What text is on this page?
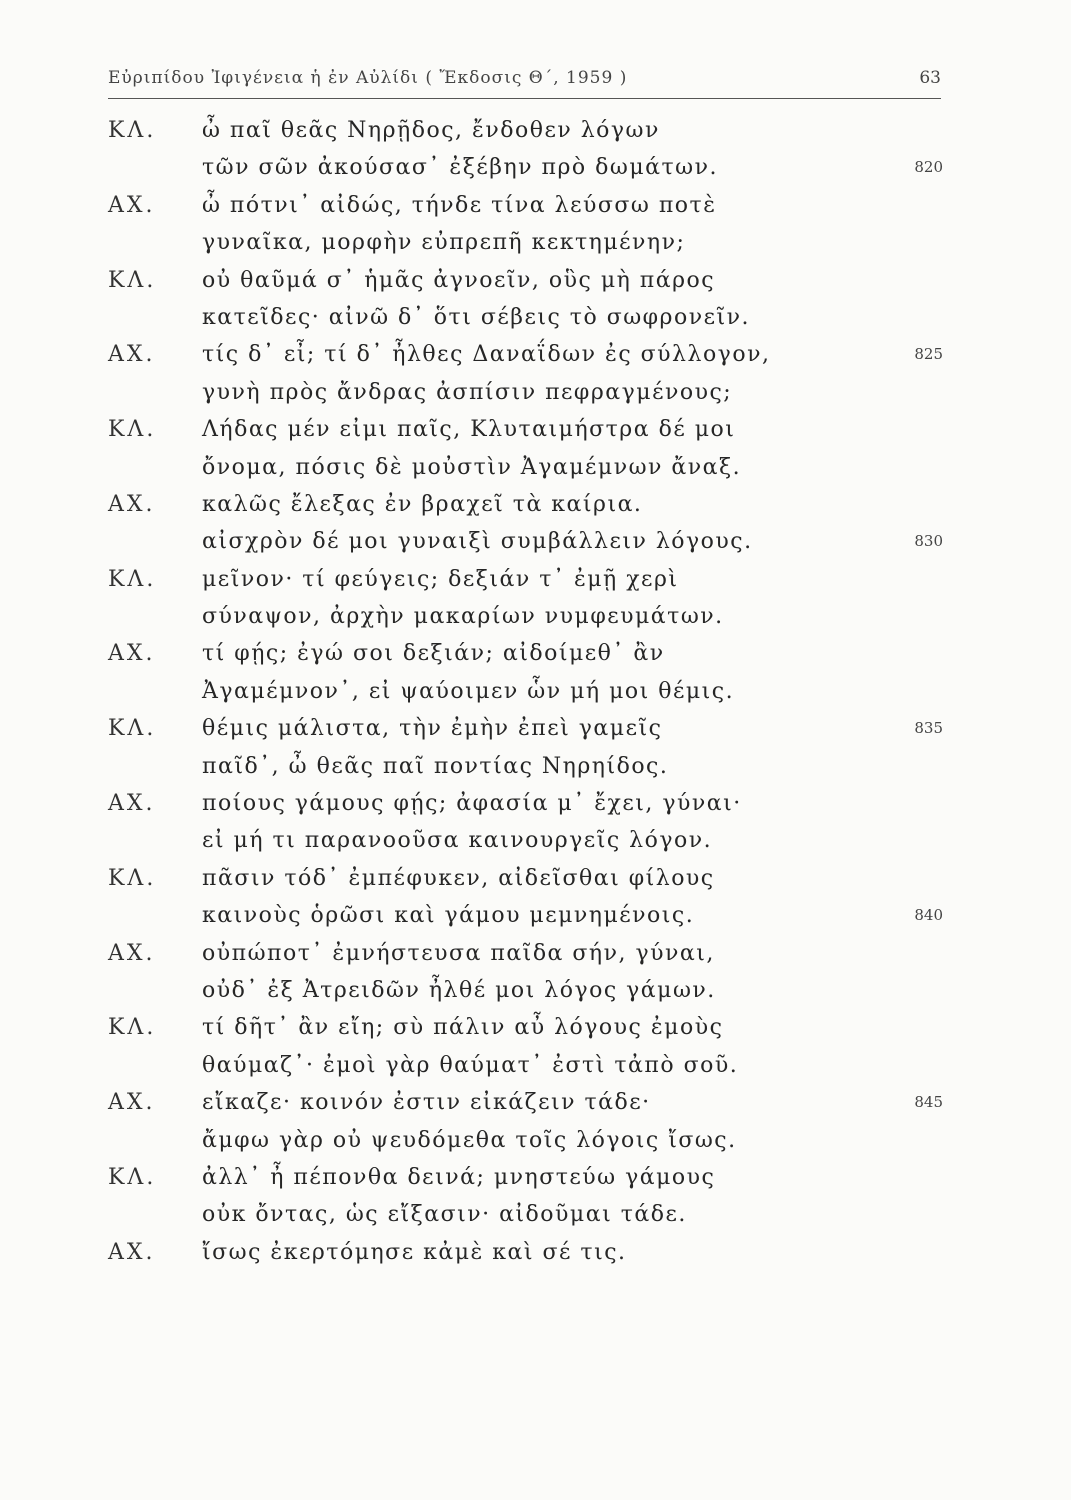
Εὐριπίδου Ἰφιγένεια ἡ ἐν Αὐλίδι ( Ἔκδοσις Θ΄, 1959 )	63
ΚΛ. ὦ παῖ θεᾶς Νηρῇδος, ἔνδοθεν λόγων
τῶν σῶν ἀκούσασ᾽ ἐξέβην πρὸ δωμάτων.	820
ΑΧ. ὦ πότνι᾽ αἰδώς, τήνδε τίνα λεύσσω ποτὲ
γυναῖκα, μορφὴν εὐπρεπῆ κεκτημένην;
ΚΛ. οὐ θαῦμά σ᾽ ἡμᾶς ἀγνοεῖν, οὓς μὴ πάρος
κατεῖδες· αἰνῶ δ᾽ ὅτι σέβεις τὸ σωφρονεῖν.
ΑΧ. τίς δ᾽ εἶ; τί δ᾽ ἦλθες Δαναΐδων ἐς σύλλογον,	825
γυνὴ πρὸς ἄνδρας ἀσπίσιν πεφραγμένους;
ΚΛ. Λήδας μέν εἰμι παῖς, Κλυταιμήστρα δέ μοι
ὄνομα, πόσις δὲ μοὐστὶν Ἀγαμέμνων ἄναξ.
ΑΧ. καλῶς ἔλεξας ἐν βραχεῖ τὰ καίρια.
αἰσχρὸν δέ μοι γυναιξὶ συμβάλλειν λόγους.	830
ΚΛ. μεῖνον· τί φεύγεις; δεξιάν τ᾽ ἐμῇ χερὶ
σύναψον, ἀρχὴν μακαρίων νυμφευμάτων.
ΑΧ. τί φῄς; ἐγώ σοι δεξιάν; αἰδοίμεθ᾽ ἂν
Ἀγαμέμνον᾽, εἰ ψαύοιμεν ὧν μή μοι θέμις.
ΚΛ. θέμις μάλιστα, τὴν ἐμὴν ἐπεὶ γαμεῖς	835
παῖδ᾽, ὦ θεᾶς παῖ ποντίας Νηρηίδος.
ΑΧ. ποίους γάμους φῄς; ἀφασία μ᾽ ἔχει, γύναι·
εἰ μή τι παρανοοῦσα καινουργεῖς λόγον.
ΚΛ. πᾶσιν τόδ᾽ ἐμπέφυκεν, αἰδεῖσθαι φίλους
καινοὺς ὁρῶσι καὶ γάμου μεμνημένοις.	840
ΑΧ. οὐπώποτ᾽ ἐμνήστευσα παῖδα σήν, γύναι,
οὐδ᾽ ἐξ Ἀτρειδῶν ἦλθέ μοι λόγος γάμων.
ΚΛ. τί δῆτ᾽ ἂν εἴη; σὺ πάλιν αὖ λόγους ἐμοὺς
θαύμαζ᾽· ἐμοὶ γὰρ θαύματ᾽ ἐστὶ τἀπὸ σοῦ.
ΑΧ. εἴκαζε· κοινόν ἐστιν εἰκάζειν τάδε·	845
ἄμφω γὰρ οὐ ψευδόμεθα τοῖς λόγοις ἴσως.
ΚΛ. ἀλλ᾽ ἦ πέπονθα δεινά; μνηστεύω γάμους
οὐκ ὄντας, ὡς εἴξασιν· αἰδοῦμαι τάδε.
ΑΧ. ἴσως ἐκερτόμησε κἀμὲ καὶ σέ τις.
